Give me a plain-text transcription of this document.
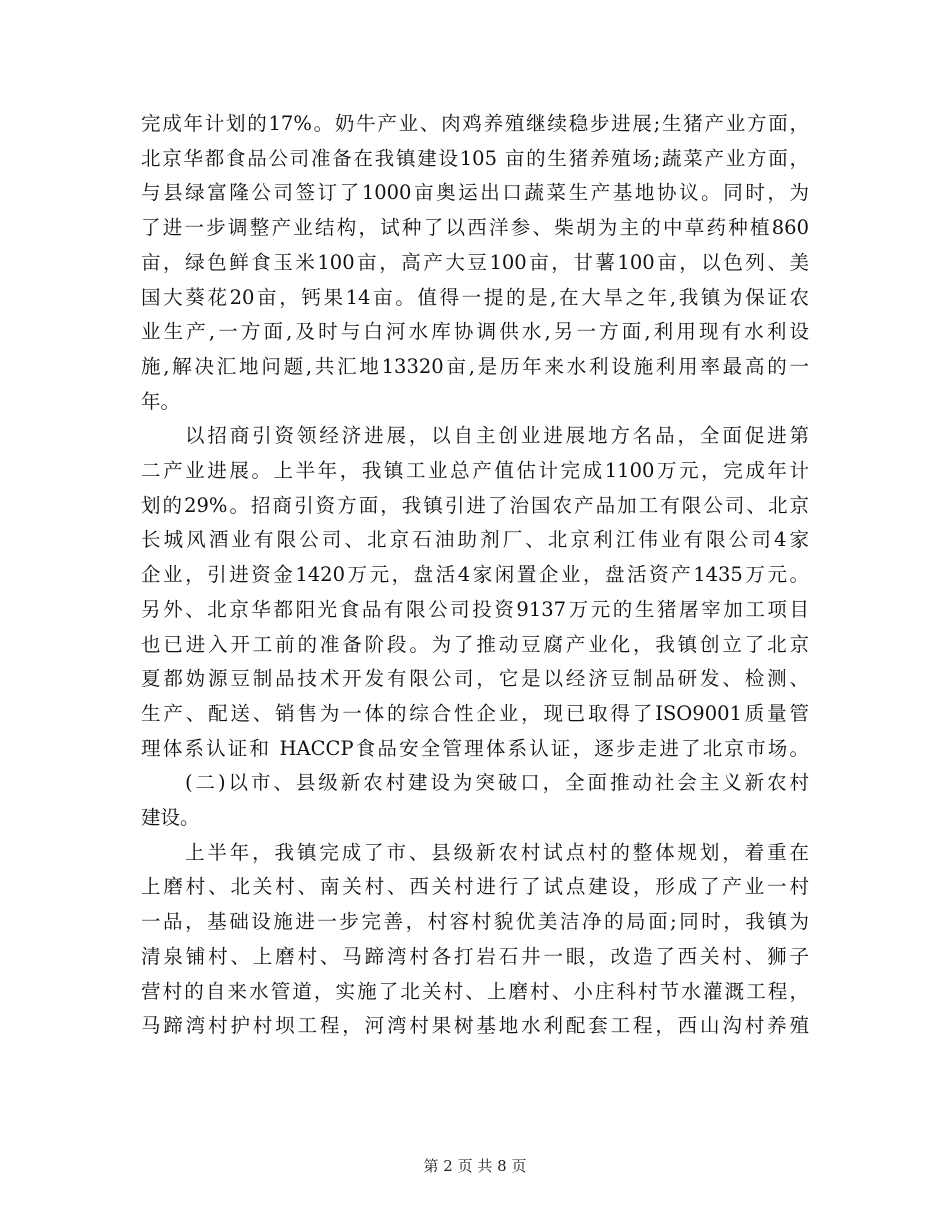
完成年计划的17%。奶牛产业、肉鸡养殖继续稳步进展;生猪产业方面，
北京华都食品公司准备在我镇建设105 亩的生猪养殖场;蔬菜产业方面，
与县绿富隆公司签订了1000亩奥运出口蔬菜生产基地协议。同时，为
了进一步调整产业结构，试种了以西洋参、柴胡为主的中草药种植860
亩，绿色鲜食玉米100亩，高产大豆100亩，甘薯100亩，以色列、美
国大葵花20亩，钙果14亩。值得一提的是,在大旱之年,我镇为保证农
业生产,一方面,及时与白河水库协调供水,另一方面,利用现有水利设
施,解决汇地问题,共汇地13320亩,是历年来水利设施利用率最高的一
年。
以招商引资领经济进展，以自主创业进展地方名品，全面促进第
二产业进展。上半年，我镇工业总产值估计完成1100万元，完成年计
划的29%。招商引资方面，我镇引进了治国农产品加工有限公司、北京
长城风酒业有限公司、北京石油助剂厂、北京利江伟业有限公司4家
企业，引进资金1420万元，盘活4家闲置企业，盘活资产1435万元。
另外、北京华都阳光食品有限公司投资9137万元的生猪屠宰加工项目
也已进入开工前的准备阶段。为了推动豆腐产业化，我镇创立了北京
夏都妫源豆制品技术开发有限公司，它是以经济豆制品研发、检测、
生产、配送、销售为一体的综合性企业，现已取得了ISO9001质量管
理体系认证和 HACCP食品安全管理体系认证，逐步走进了北京市场。
(二)以市、县级新农村建设为突破口，全面推动社会主义新农村
建设。
上半年，我镇完成了市、县级新农村试点村的整体规划，着重在
上磨村、北关村、南关村、西关村进行了试点建设，形成了产业一村
一品，基础设施进一步完善，村容村貌优美洁净的局面;同时，我镇为
清泉铺村、上磨村、马蹄湾村各打岩石井一眼，改造了西关村、狮子
营村的自来水管道，实施了北关村、上磨村、小庄科村节水灌溉工程，
马蹄湾村护村坝工程，河湾村果树基地水利配套工程，西山沟村养殖
第 2 页 共 8 页
